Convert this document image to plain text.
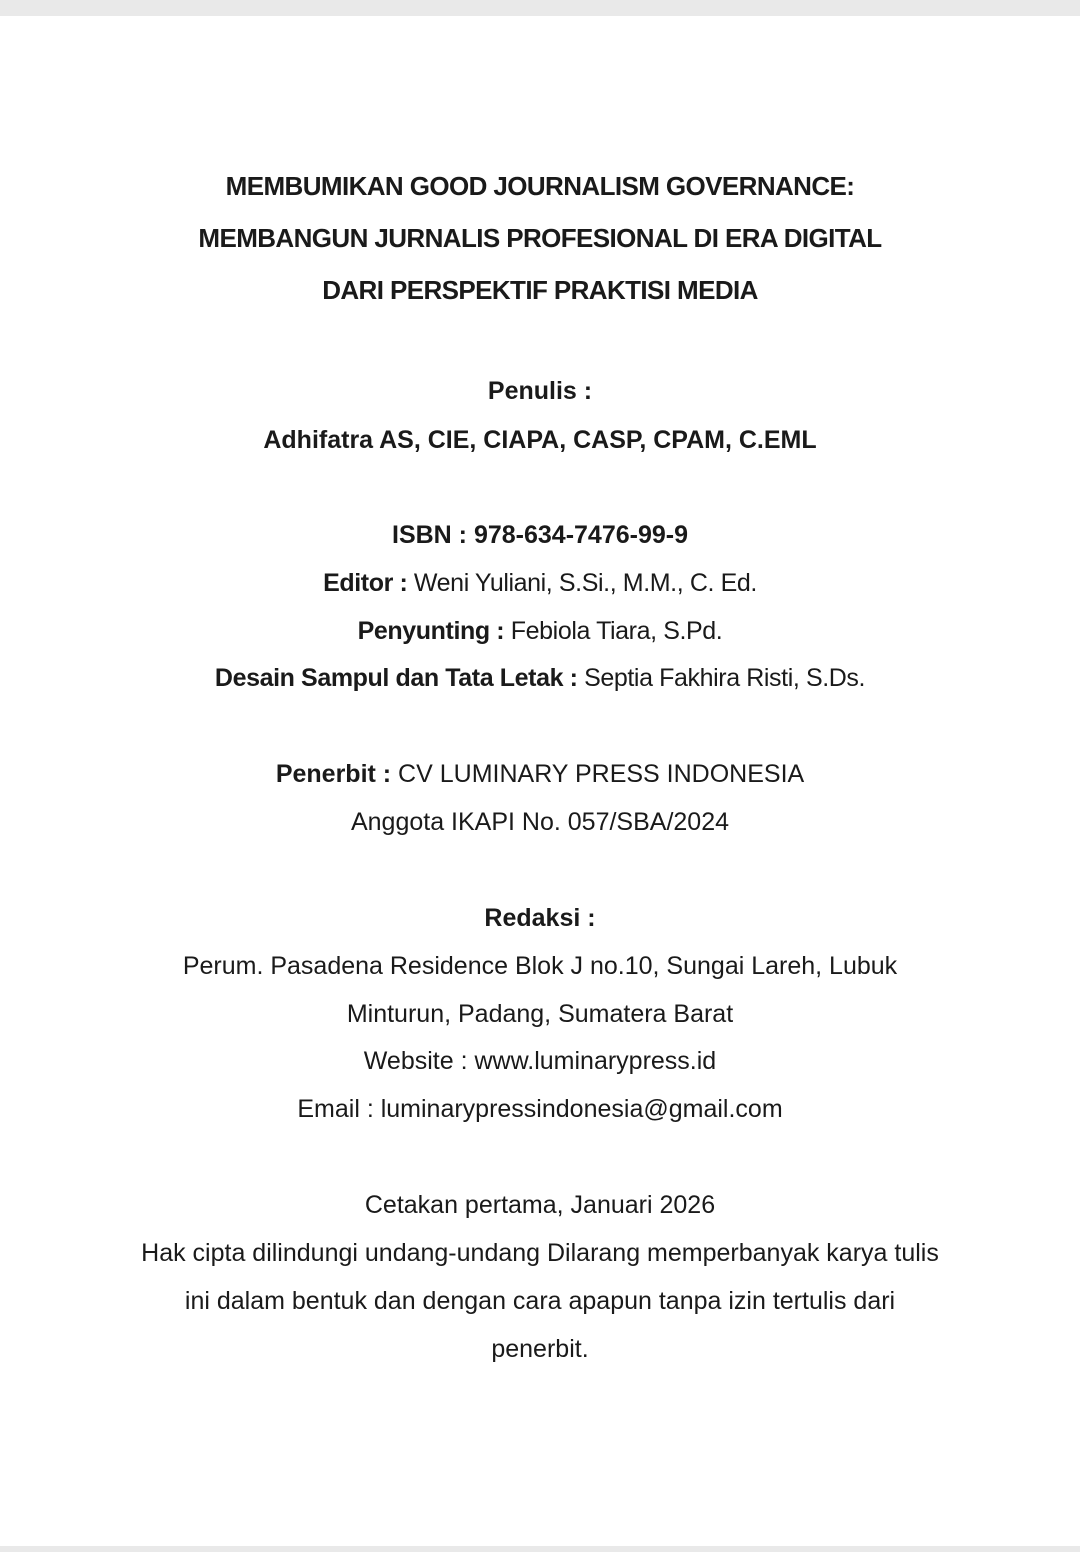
MEMBUMIKAN GOOD JOURNALISM GOVERNANCE:
MEMBANGUN JURNALIS PROFESIONAL DI ERA DIGITAL
DARI PERSPEKTIF PRAKTISI MEDIA
Penulis :
Adhifatra AS, CIE, CIAPA, CASP, CPAM, C.EML
ISBN : 978-634-7476-99-9
Editor : Weni Yuliani, S.Si., M.M., C. Ed.
Penyunting : Febiola Tiara, S.Pd.
Desain Sampul dan Tata Letak : Septia Fakhira Risti, S.Ds.
Penerbit : CV LUMINARY PRESS INDONESIA
Anggota IKAPI No. 057/SBA/2024
Redaksi :
Perum. Pasadena Residence Blok J no.10, Sungai Lareh, Lubuk
Minturun, Padang, Sumatera Barat
Website : www.luminarypress.id
Email : luminarypressindonesia@gmail.com
Cetakan pertama, Januari 2026
Hak cipta dilindungi undang-undang Dilarang memperbanyak karya tulis
ini dalam bentuk dan dengan cara apapun tanpa izin tertulis dari
penerbit.
